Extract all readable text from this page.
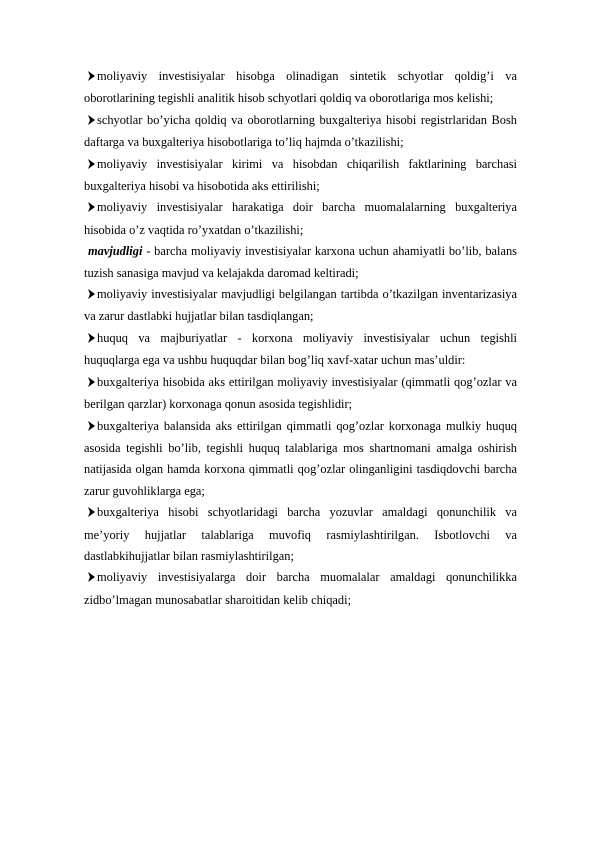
moliyaviy investisiyalar hisobga olinadigan sintetik schyotlar qoldig’i va oborotlarining tegishli analitik hisob schyotlari qoldiq va oborotlariga mos kelishi;

schyotlar bo’yicha qoldiq va oborotlarning buxgalteriya hisobi registrlaridan Bosh daftarga va buxgalteriya hisobotlariga to’liq hajmda o’tkazilishi;

moliyaviy investisiyalar kirimi va hisobdan chiqarilish faktlarining barchasi buxgalteriya hisobi va hisobotida aks ettirilishi;

moliyaviy investisiyalar harakatiga doir barcha muomalalarning buxgalteriya hisobida o’z vaqtida ro’yxatdan o’tkazilishi;

mavjudligi - barcha moliyaviy investisiyalar karxona uchun ahamiyatli bo’lib, balans tuzish sanasiga mavjud va kelajakda daromad keltiradi;

moliyaviy investisiyalar mavjudligi belgilangan tartibda o’tkazilgan inventarizasiya va zarur dastlabki hujjatlar bilan tasdiqlangan;

huquq va majburiyatlar - korxona moliyaviy investisiyalar uchun tegishli huquqlarga ega va ushbu huquqdar bilan bog’liq xavf-xatar uchun mas’uldir:

buxgalteriya hisobida aks ettirilgan moliyaviy investisiyalar (qimmatli qog’ozlar va berilgan qarzlar) korxonaga qonun asosida tegishlidir;

buxgalteriya balansida aks ettirilgan qimmatli qog’ozlar korxonaga mulkiy huquq asosida tegishli bo’lib, tegishli huquq talablariga mos shartnomani amalga oshirish natijasida olgan hamda korxona qimmatli qog’ozlar olinganligini tasdiqdovchi barcha zarur guvohliklarga ega;

buxgalteriya hisobi schyotlaridagi barcha yozuvlar amaldagi qonunchilik va me’yoriy hujjatlar talablariga muvofiq rasmiylashtirilgan. Isbotlovchi va dastlabkihujjatlar bilan rasmiylashtirilgan;

moliyaviy investisiyalarga doir barcha muomalalar amaldagi qonunchilikka zidbo’lmagan munosabatlar sharoitidan kelib chiqadi;
